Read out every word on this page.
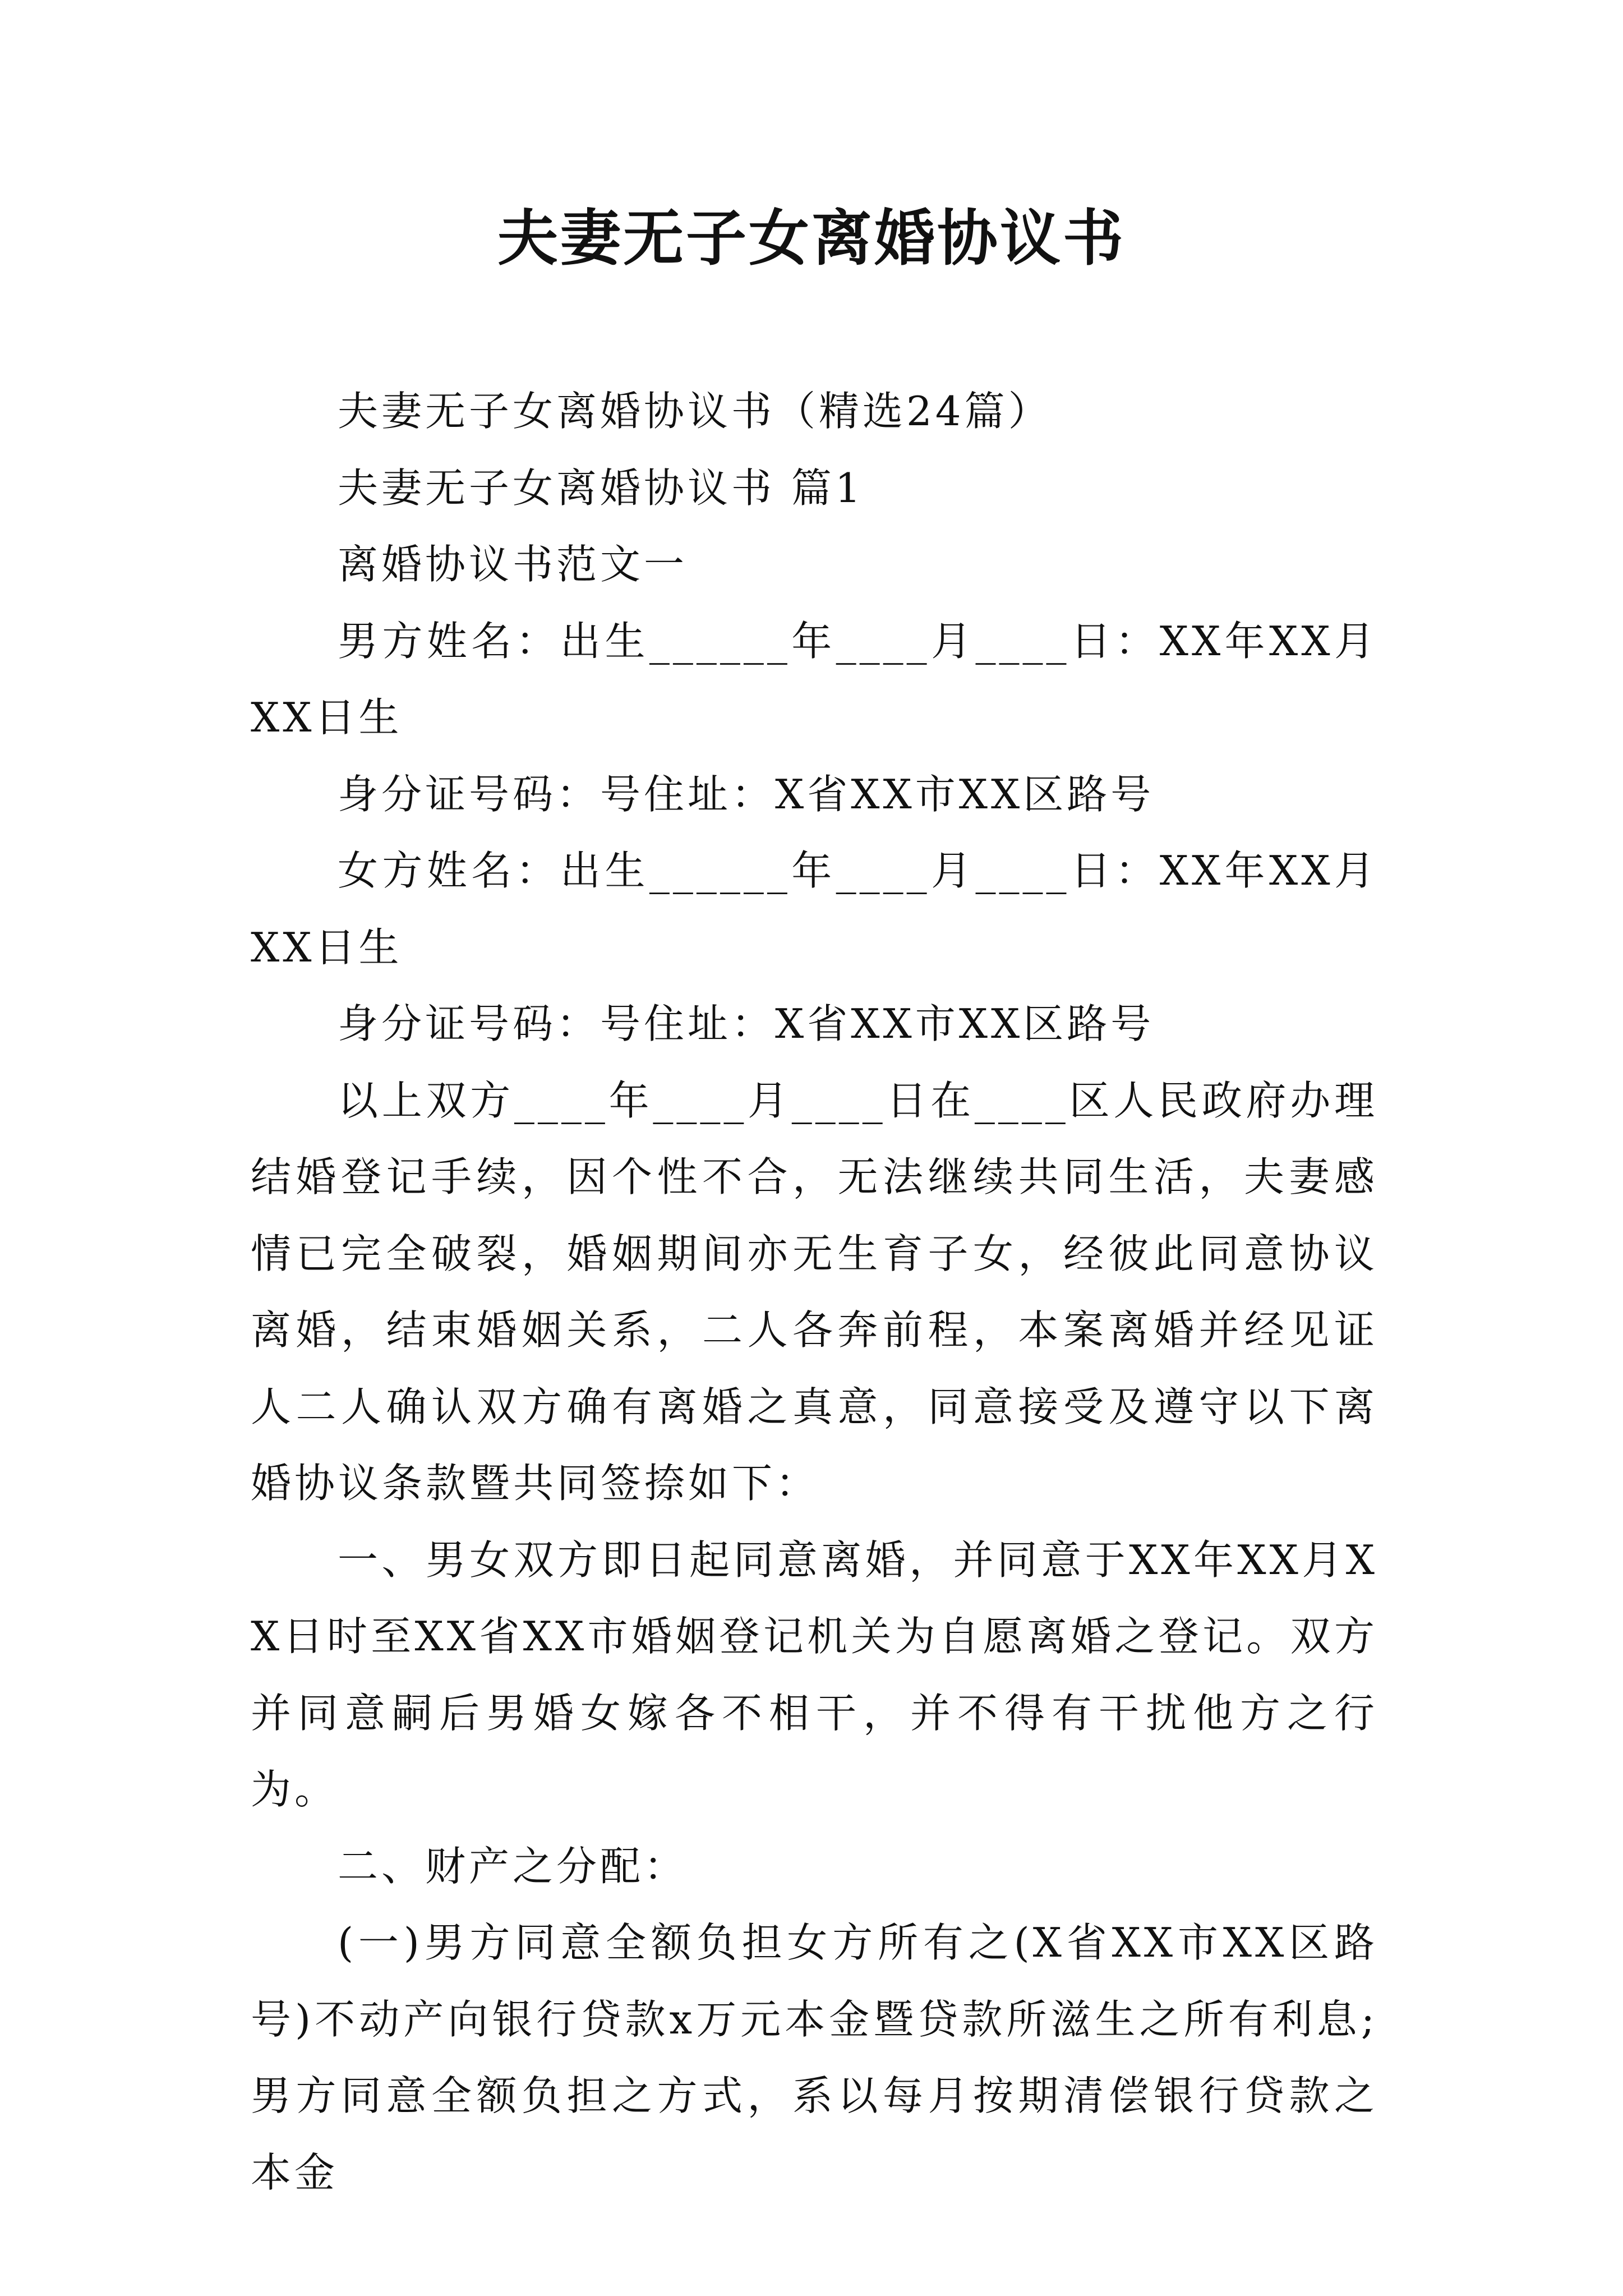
夫妻无子女离婚协议书

夫妻无子女离婚协议书（精选24篇）

夫妻无子女离婚协议书 篇1

离婚协议书范文一

男方姓名：出生______年____月____日：XX年XX月XX日生

身分证号码：号住址：X省XX市XX区路号

女方姓名：出生______年____月____日：XX年XX月XX日生

身分证号码：号住址：X省XX市XX区路号

以上双方____年____月____日在____区人民政府办理结婚登记手续，因个性不合，无法继续共同生活，夫妻感情已完全破裂，婚姻期间亦无生育子女，经彼此同意协议离婚，结束婚姻关系，二人各奔前程，本案离婚并经见证人二人确认双方确有离婚之真意，同意接受及遵守以下离婚协议条款暨共同签捺如下：

一、男女双方即日起同意离婚，并同意于XX年XX月XX日时至XX省XX市婚姻登记机关为自愿离婚之登记。双方并同意嗣后男婚女嫁各不相干，并不得有干扰他方之行为。

二、财产之分配：

(一)男方同意全额负担女方所有之(X省XX市XX区路号)不动产向银行贷款x万元本金暨贷款所滋生之所有利息;男方同意全额负担之方式，系以每月按期清偿银行贷款之本金
